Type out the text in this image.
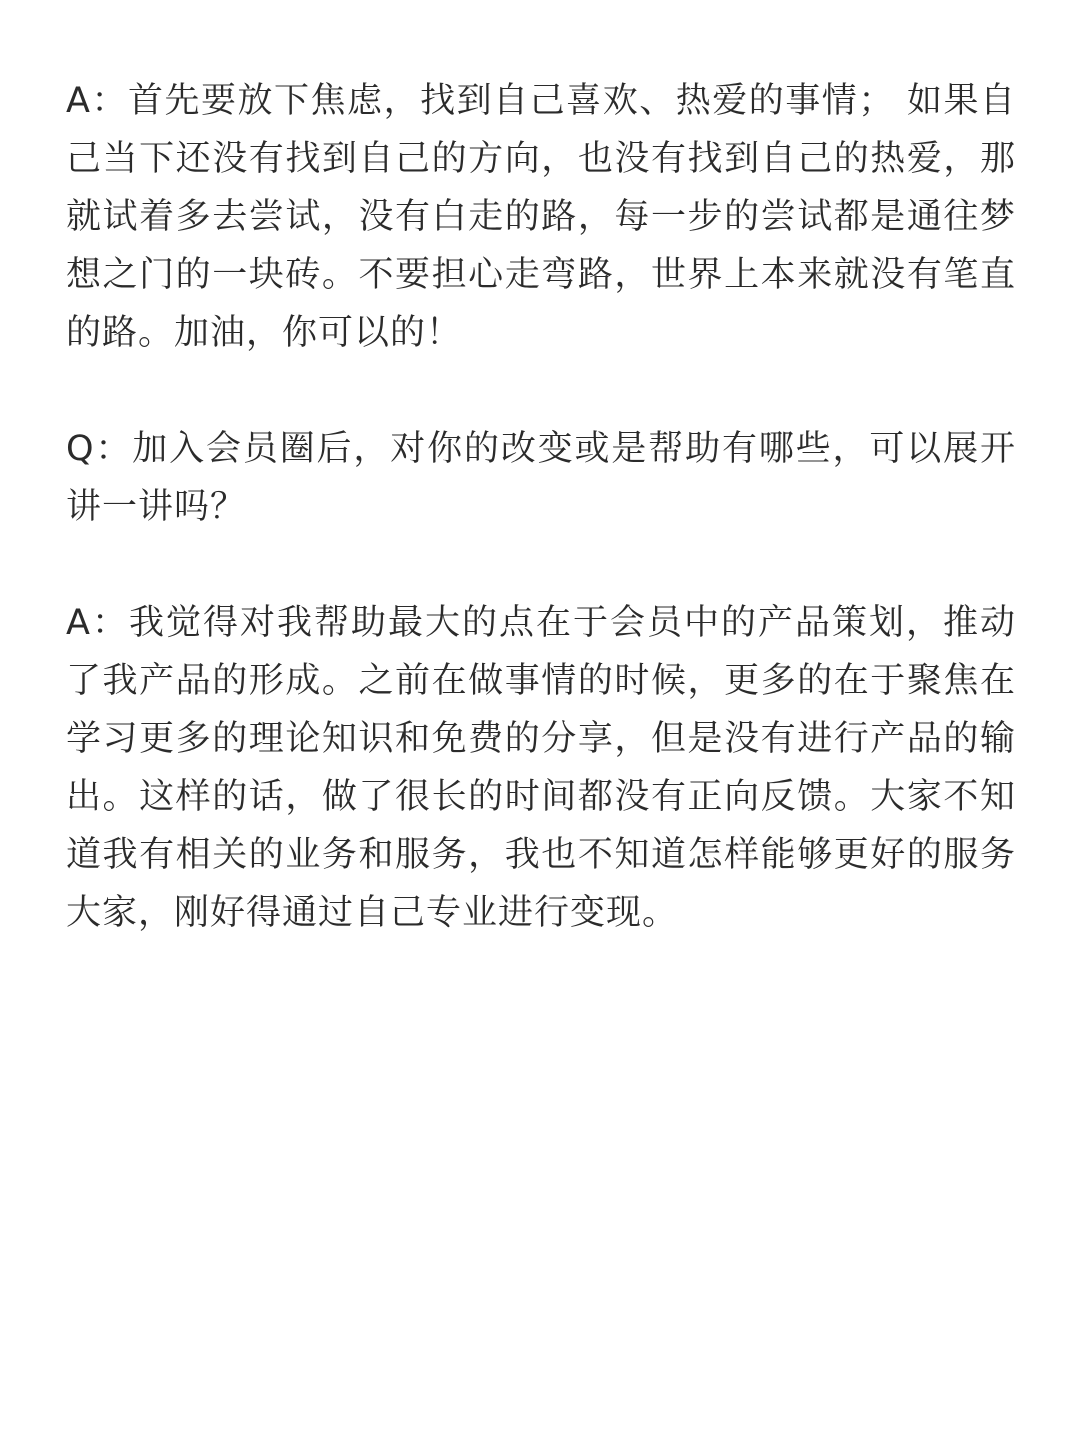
A：首先要放下焦虑，找到自己喜欢、热爱的事情； 如果自己当下还没有找到自己的方向，也没有找到自己的热爱，那就试着多去尝试，没有白走的路，每一步的尝试都是通往梦想之门的一块砖。不要担心走弯路，世界上本来就没有笔直的路。加油，你可以的！

Q：加入会员圈后，对你的改变或是帮助有哪些，可以展开讲一讲吗？

A：我觉得对我帮助最大的点在于会员中的产品策划，推动了我产品的形成。之前在做事情的时候，更多的在于聚焦在学习更多的理论知识和免费的分享，但是没有进行产品的输出。这样的话，做了很长的时间都没有正向反馈。大家不知道我有相关的业务和服务，我也不知道怎样能够更好的服务大家，刚好得通过自己专业进行变现。
